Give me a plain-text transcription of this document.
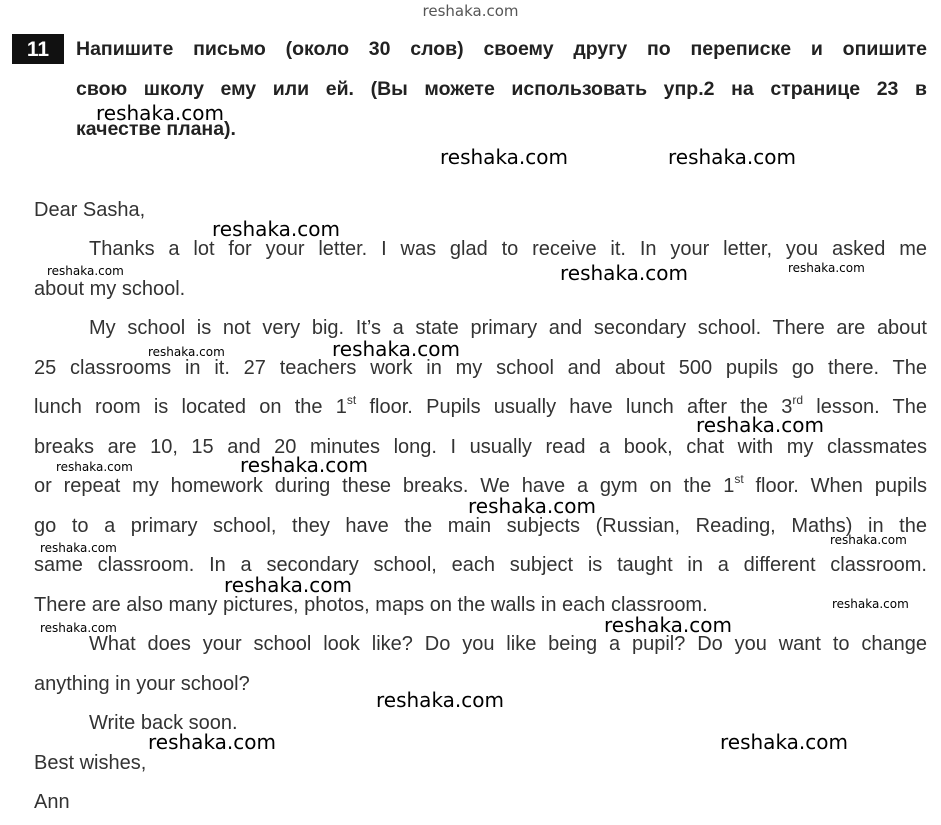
reshaka.com
11	Напишите письмо (около 30 слов) своему другу по переписке и опишите
свою школу ему или ей. (Вы можете использовать упр.2 на странице 23 в
качестве плана).
Dear Sasha,
Thanks a lot for your letter. I was glad to receive it. In your letter, you asked me
about my school.
My school is not very big. It’s a state primary and secondary school. There are about
25 classrooms in it. 27 teachers work in my school and about 500 pupils go there. The
lunch room is located on the 1st floor. Pupils usually have lunch after the 3rd lesson. The
breaks are 10, 15 and 20 minutes long. I usually read a book, chat with my classmates
or repeat my homework during these breaks. We have a gym on the 1st floor. When pupils
go to a primary school, they have the main subjects (Russian, Reading, Maths) in the
same classroom. In a secondary school, each subject is taught in a different classroom.
There are also many pictures, photos, maps on the walls in each classroom.
What does your school look like? Do you like being a pupil? Do you want to change
anything in your school?
Write back soon.
Best wishes,
Ann
reshaka.com
reshaka.com	reshaka.com
reshaka.com
reshaka.com	reshaka.com	reshaka.com
reshaka.com	reshaka.com
reshaka.com
reshaka.com	reshaka.com
reshaka.com
reshaka.com
reshaka.com
reshaka.com
reshaka.com
reshaka.com	reshaka.com
reshaka.com
reshaka.com	reshaka.com
